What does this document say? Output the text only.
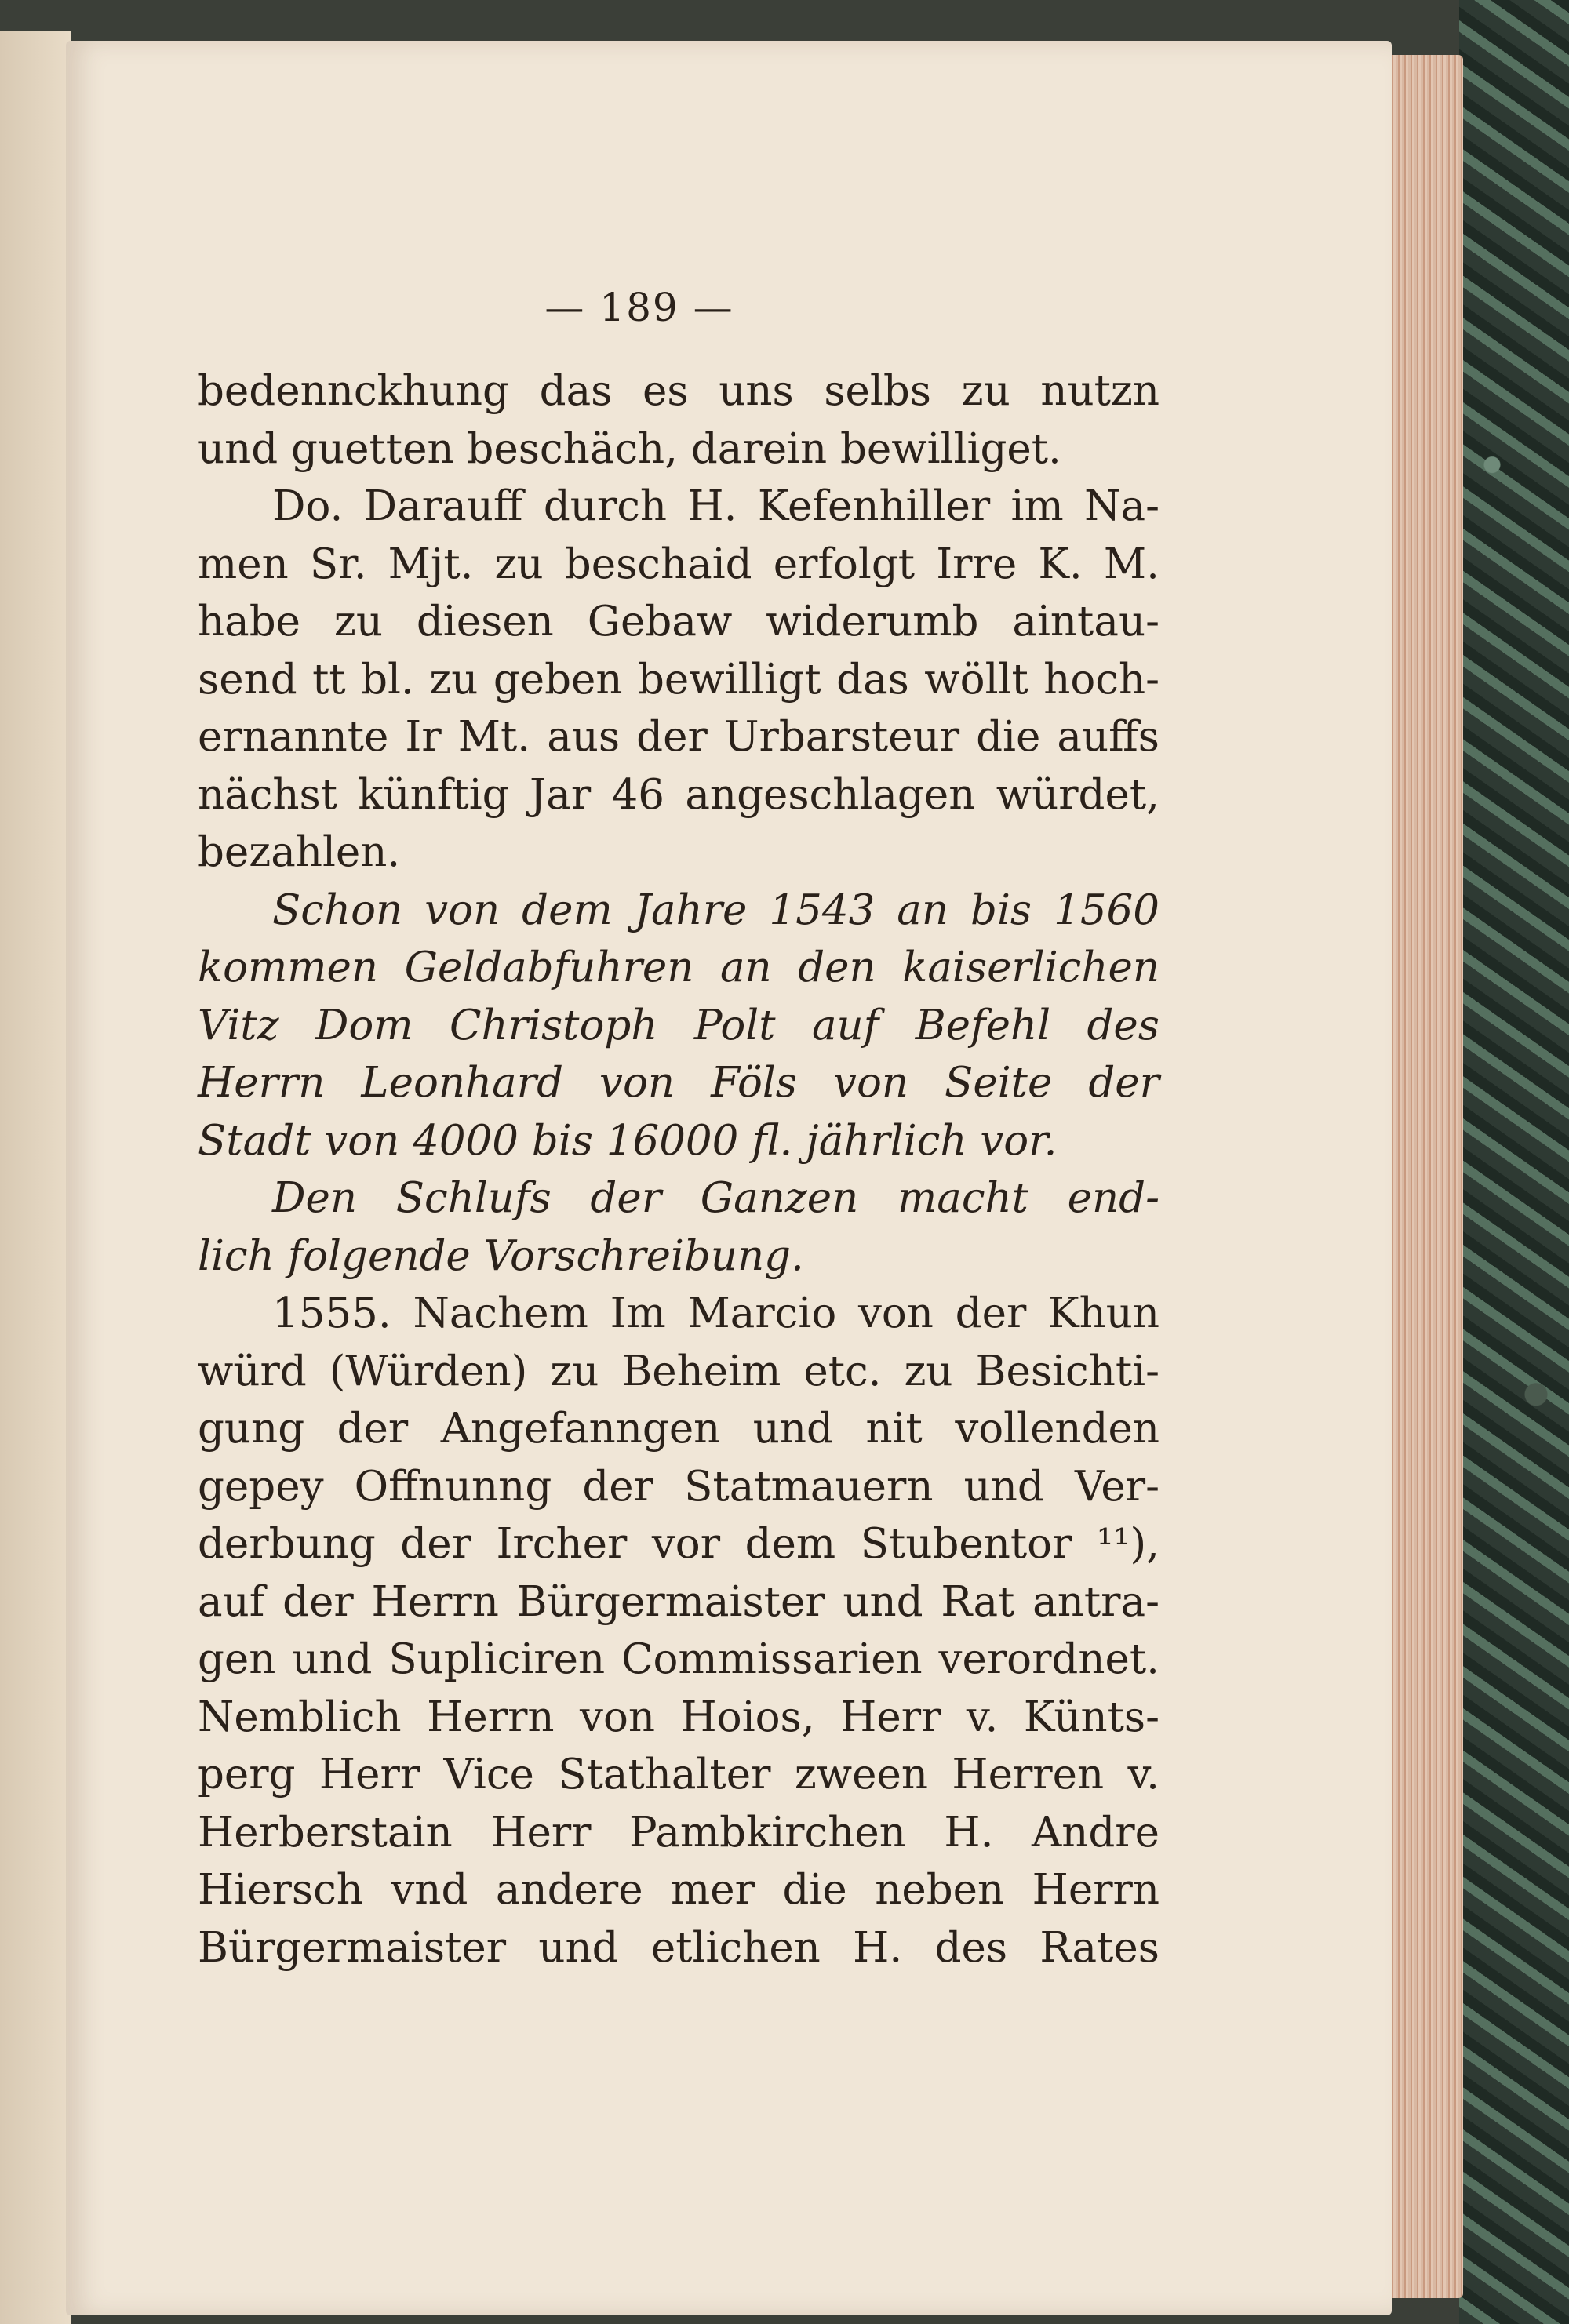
— 189 —
bedennckhung das es uns selbs zu nutzn
und guetten beschäch, darein bewilliget.
Do. Darauff durch H. Kefenhiller im Na-
men Sr. Mjt. zu beschaid erfolgt Irre K. M.
habe zu diesen Gebaw widerumb aintau-
send tt bl. zu geben bewilligt das wöllt hoch-
ernannte Ir Mt. aus der Urbarsteur die auffs
nächst künftig Jar 46 angeschlagen würdet,
bezahlen.
Schon von dem Jahre 1543 an bis 1560
kommen Geldabfuhren an den kaiserlichen
Vitz Dom Christoph Polt auf Befehl des
Herrn Leonhard von Föls von Seite der
Stadt von 4000 bis 16000 fl. jährlich vor.
Den Schlufs der Ganzen macht end-
lich folgende Vorschreibung.
1555. Nachem Im Marcio von der Khun
würd (Würden) zu Beheim etc. zu Besichti-
gung der Angefanngen und nit vollenden
gepey Offnunng der Statmauern und Ver-
derbung der Ircher vor dem Stubentor ¹¹),
auf der Herrn Bürgermaister und Rat antra-
gen und Supliciren Commissarien verordnet.
Nemblich Herrn von Hoios, Herr v. Künts-
perg Herr Vice Stathalter zween Herren v.
Herberstain Herr Pambkirchen H. Andre
Hiersch vnd andere mer die neben Herrn
Bürgermaister und etlichen H. des Rates
